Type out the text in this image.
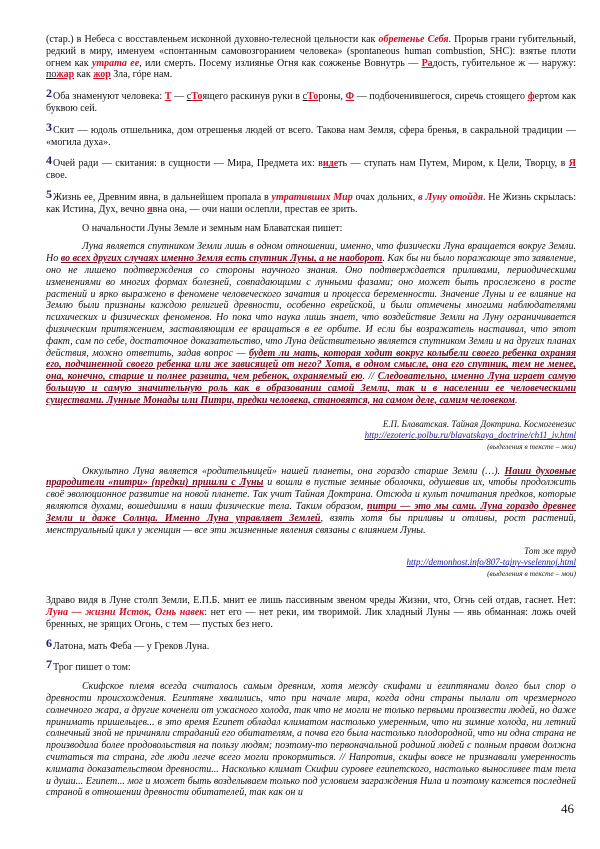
(стар.) в Небеса с восставленьем исконной духовно-телесной цельности как обретенье Себя. Прорыв грани губительный, редкий в миру, именуем «спонтанным самовозгоранием человека» (spontaneous human combustion, SHC): взятье плоти огнем как утрата ее, или смерть. Посему излиянье Огня как сожженье Вовнутрь — Радость, губительное ж — наружу: пожар как жор Зла, гóре нам.

2Оба знаменуют человека: Т — сТоящего раскинув руки в сТороны, Ф — подбоченившегося, сиречь стоящего фертом как буквою сей.

3Скит — юдоль отшельника, дом отрешенья людей от всего. Такова нам Земля, сфера бренья, в сакральной традиции — «могила духа».

4Очей ради — скитания: в сущности — Мира, Предмета их: видеть — ступать нам Путем, Миром, к Цели, Творцу, в Я свое.

5Жизнь ее, Древним явна, в дальнейшем пропала в утративших Мир очах дольних, в Луну отойдя. Не Жизнь скрылась: как Истина, Дух, вечно явна она, — очи наши ослепли, престав ее зрить.

О начальности Луны Земле и земным нам Блаватская пишет:

Луна является спутником Земли лишь в одном отношении, именно, что физически Луна вращается вокруг Земли. Но во всех других случаях именно Земля есть спутник Луны, а не наоборот. Как бы ни было поражающе это заявление, оно не лишено подтверждения со стороны научного знания. Оно подтверждается приливами, периодическими изменениями во многих формах болезней, совпадающими с лунными фазами; оно может быть прослежено в росте растений и ярко выражено в феномене человеческого зачатия и процесса беременности. Значение Луны и ее влияние на Землю были признаны каждою религией древности, особенно еврейской, и были отмечены многими наблюдателями психических и физических феноменов. Но пока что наука лишь знает, что воздействие Земли на Луну ограничивается физическим притяжением, заставляющим ее вращаться в ее орбите. И если бы возражатель настаивал, что этот факт, сам по себе, достаточное доказательство, что Луна действительно является спутником Земли и на других планах действия, можно ответить, задав вопрос — будет ли мать, которая ходит вокруг колыбели своего ребенка охраняя его, подчиненной своего ребенка или же зависящей от него? Хотя, в одном смысле, она его спутник, тем не менее, она, конечно, старше и полнее развита, чем ребенок, охраняемый ею. // Следовательно, именно Луна играет самую большую и самую значительную роль как в образовании самой Земли, так и в населении ее человеческими существами. Лунные Монады или Питри, предки человека, становятся, на самом деле, самим человеком.

Е.П. Блаватская. Тайная Доктрина. Космогенезис
http://ezoteric.polbu.ru/blavatskaya_doctrine/ch11_iv.html
(выделения в тексте – мои)

Оккультно Луна является «родительницей» нашей планеты, она гораздо старше Земли (…). Наши духовные прародители «питри» (предки) пришли с Луны и вошли в пустые земные оболочки, одушевив их, чтобы продолжить своё эволюционное развитие на новой планете. Так учит Тайная Доктрина. Отсюда и культ почитания предков, которые являются духами, вошедшими в наши физические тела. Таким образом, питри — это мы сами. Луна гораздо древнее Земли и даже Солнца. Именно Луна управляет Землей, взять хотя бы приливы и отливы, рост растений, менструальный цикл у женщин — все эти жизненные явления связаны с влиянием Луны.

Тот же труд
http://demonhost.info/807-tajny-vselennoj.html
(выделения в тексте – мои)

Здраво видя в Луне столп Земли, Е.П.Б. мнит ее лишь пассивным звеном чреды Жизни, что, Огнь сей отдав, гаснет. Нет: Луна — жизни Исток, Огнь навек: нет его — нет реки, им творимой. Лик хладный Луны — явь обманная: ложь очей бренных, не зрящих Огонь, с тем — пустых без него.

6Латона, мать Феба — у Греков Луна.

7Трог пишет о том:

Скифское племя всегда считалось самым древним, хотя между скифами и египтянами долго был спор о древности происхождения. Египтяне хвалились, что при начале мира, когда одни страны пылали от чрезмерного солнечного жара, а другие коченели от ужасного холода, так что не могли не только первыми произвести людей, но даже принимать пришельцев... в это время Египет обладал климатом настолько умеренным, что ни зимние холода, ни летний солнечный зной не причиняли страданий его обитателям, а почва его была настолько плодородной, что ни одна страна не производила более продовольствия на пользу людям; поэтому-то первоначальной родиной людей с полным правом должна считаться та страна, где люди легче всего могли прокормиться. // Напротив, скифы вовсе не признавали умеренность климата доказательством древности... Насколько климат Скифии суровее египетского, настолько выносливее там тела и души... Египет... мог и может быть возделываем только под условием заграждения Нила и поэтому кажется последней страной в отношении древности обитателей, так как он и

46
